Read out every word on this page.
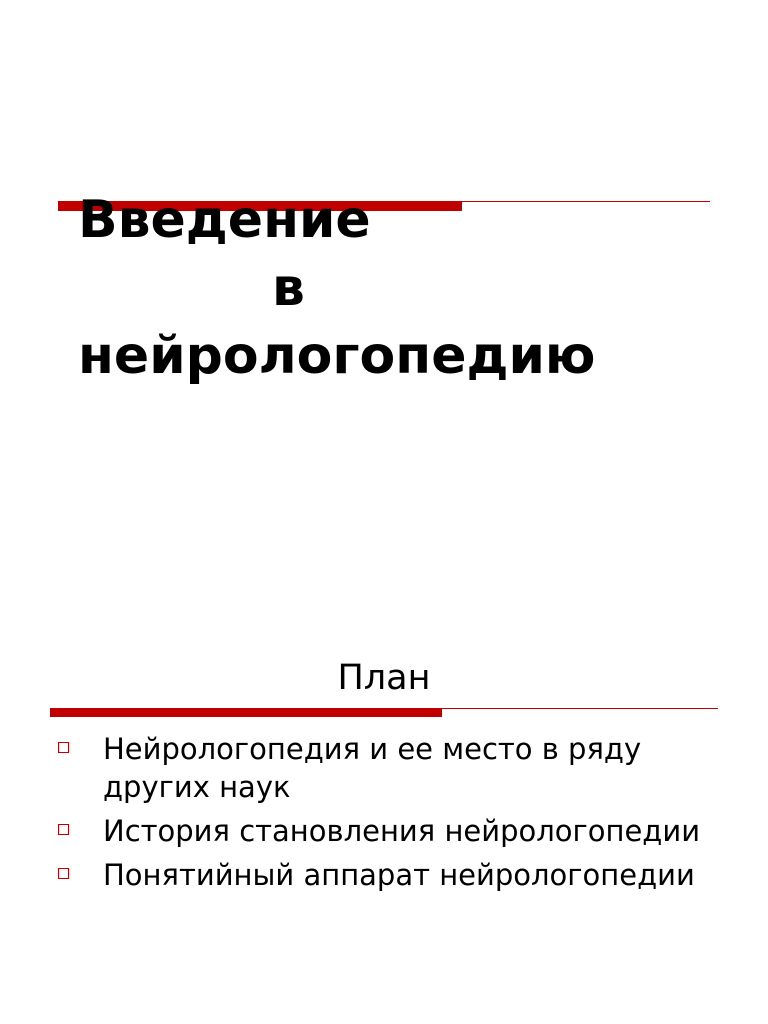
Введение
в
нейрологопедию
План
Нейрологопедия и ее место в ряду других наук
История становления нейрологопедии
Понятийный аппарат нейрологопедии
